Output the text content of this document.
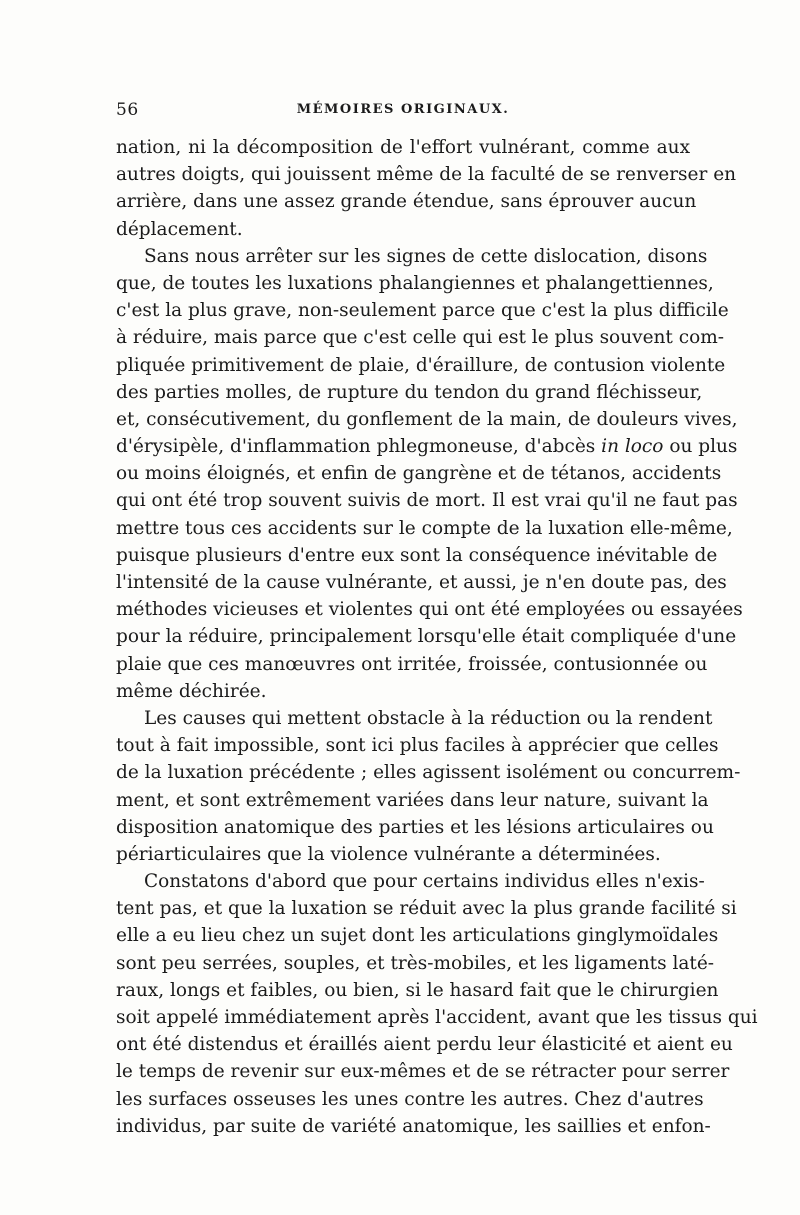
56	MÉMOIRES ORIGINAUX.
nation, ni la décomposition de l'effort vulnérant, comme aux
autres doigts, qui jouissent même de la faculté de se renverser en
arrière, dans une assez grande étendue, sans éprouver aucun
déplacement.
Sans nous arrêter sur les signes de cette dislocation, disons
que, de toutes les luxations phalangiennes et phalangettiennes,
c'est la plus grave, non-seulement parce que c'est la plus difficile
à réduire, mais parce que c'est celle qui est le plus souvent com-
pliquée primitivement de plaie, d'éraillure, de contusion violente
des parties molles, de rupture du tendon du grand fléchisseur,
et, consécutivement, du gonflement de la main, de douleurs vives,
d'érysipèle, d'inflammation phlegmoneuse, d'abcès in loco ou plus
ou moins éloignés, et enfin de gangrène et de tétanos, accidents
qui ont été trop souvent suivis de mort. Il est vrai qu'il ne faut pas
mettre tous ces accidents sur le compte de la luxation elle-même,
puisque plusieurs d'entre eux sont la conséquence inévitable de
l'intensité de la cause vulnérante, et aussi, je n'en doute pas, des
méthodes vicieuses et violentes qui ont été employées ou essayées
pour la réduire, principalement lorsqu'elle était compliquée d'une
plaie que ces manœuvres ont irritée, froissée, contusionnée ou
même déchirée.
Les causes qui mettent obstacle à la réduction ou la rendent
tout à fait impossible, sont ici plus faciles à apprécier que celles
de la luxation précédente ; elles agissent isolément ou concurrem-
ment, et sont extrêmement variées dans leur nature, suivant la
disposition anatomique des parties et les lésions articulaires ou
périarticulaires que la violence vulnérante a déterminées.
Constatons d'abord que pour certains individus elles n'exis-
tent pas, et que la luxation se réduit avec la plus grande facilité si
elle a eu lieu chez un sujet dont les articulations ginglymoïdales
sont peu serrées, souples, et très-mobiles, et les ligaments laté-
raux, longs et faibles, ou bien, si le hasard fait que le chirurgien
soit appelé immédiatement après l'accident, avant que les tissus qui
ont été distendus et éraillés aient perdu leur élasticité et aient eu
le temps de revenir sur eux-mêmes et de se rétracter pour serrer
les surfaces osseuses les unes contre les autres. Chez d'autres
individus, par suite de variété anatomique, les saillies et enfon-
